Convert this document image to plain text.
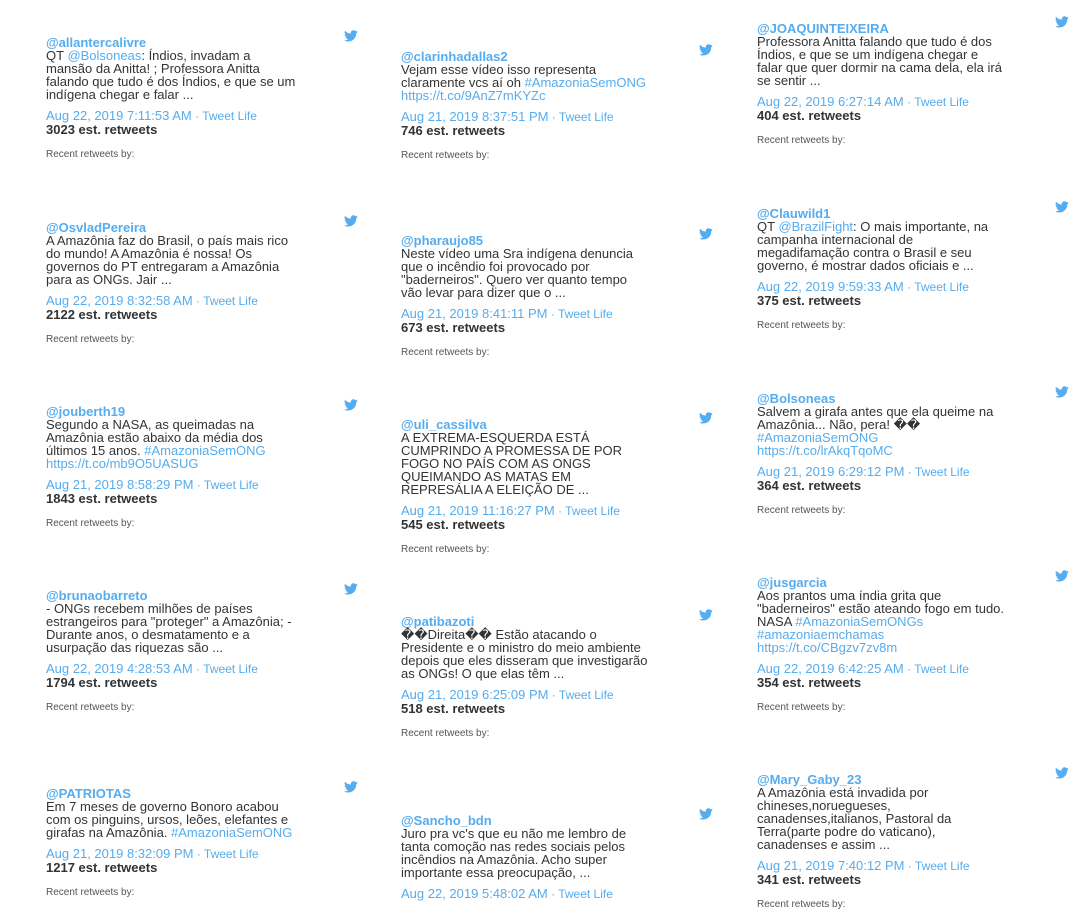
@allantercalivre
QT @Bolsoneas: Índios, invadam a mansão da Anitta! ; Professora Anitta falando que tudo é dos Índios, e que se um indígena chegar e falar ...
Aug 22, 2019 7:11:53 AM · Tweet Life
3023 est. retweets
Recent retweets by:
@OsvladPereira
A Amazônia faz do Brasil, o país mais rico do mundo! A Amazônia é nossa! Os governos do PT entregaram a Amazônia para as ONGs. Jair ...
Aug 22, 2019 8:32:58 AM · Tweet Life
2122 est. retweets
Recent retweets by:
@jouberth19
Segundo a NASA, as queimadas na Amazônia estão abaixo da média dos últimos 15 anos. #AmazoniaSemONG https://t.co/mb9O5UASUG
Aug 21, 2019 8:58:29 PM · Tweet Life
1843 est. retweets
Recent retweets by:
@brunaobarreto
- ONGs recebem milhões de países estrangeiros para "proteger" a Amazônia; - Durante anos, o desmatamento e a usurpação das riquezas são ...
Aug 22, 2019 4:28:53 AM · Tweet Life
1794 est. retweets
Recent retweets by:
@PATRIOTAS
Em 7 meses de governo Bonoro acabou com os pinguins, ursos, leões, elefantes e girafas na Amazônia. #AmazoniaSemONG
Aug 21, 2019 8:32:09 PM · Tweet Life
1217 est. retweets
Recent retweets by:
@clarinhadallas2
Vejam esse vídeo isso representa claramente vcs aí oh #AmazoniaSemONG https://t.co/9AnZ7mKYZc
Aug 21, 2019 8:37:51 PM · Tweet Life
746 est. retweets
Recent retweets by:
@pharaujo85
Neste vídeo uma Sra indígena denuncia que o incêndio foi provocado por "baderneiros". Quero ver quanto tempo vão levar para dizer que o ...
Aug 21, 2019 8:41:11 PM · Tweet Life
673 est. retweets
Recent retweets by:
@uli_cassilva
A EXTREMA-ESQUERDA ESTÁ CUMPRINDO A PROMESSA DE POR FOGO NO PAÍS COM AS ONGS QUEIMANDO AS MATAS EM REPRESÁLIA A ELEIÇÃO DE ...
Aug 21, 2019 11:16:27 PM · Tweet Life
545 est. retweets
Recent retweets by:
@patibazoti
��Direita�� Estão atacando o Presidente e o ministro do meio ambiente depois que eles disseram que investigarão as ONGs! O que elas têm ...
Aug 21, 2019 6:25:09 PM · Tweet Life
518 est. retweets
Recent retweets by:
@Sancho_bdn
Juro pra vc's que eu não me lembro de tanta comoção nas redes sociais pelos incêndios na Amazônia. Acho super importante essa preocupação, ...
Aug 22, 2019 5:48:02 AM · Tweet Life
@JOAQUINTEIXEIRA
Professora Anitta falando que tudo é dos Índios, e que se um indígena chegar e falar que quer dormir na cama dela, ela irá se sentir ...
Aug 22, 2019 6:27:14 AM · Tweet Life
404 est. retweets
Recent retweets by:
@Clauwild1
QT @BrazilFight: O mais importante, na campanha internacional de megadifamação contra o Brasil e seu governo, é mostrar dados oficiais e ...
Aug 22, 2019 9:59:33 AM · Tweet Life
375 est. retweets
Recent retweets by:
@Bolsoneas
Salvem a girafa antes que ela queime na Amazônia... Não, pera! �� #AmazoniaSemONG https://t.co/lrAkqTqoMC
Aug 21, 2019 6:29:12 PM · Tweet Life
364 est. retweets
Recent retweets by:
@jusgarcia
Aos prantos uma índia grita que "baderneiros" estão ateando fogo em tudo. NASA #AmazoniaSemONGs #amazoniaemchamas https://t.co/CBgzv7zv8m
Aug 22, 2019 6:42:25 AM · Tweet Life
354 est. retweets
Recent retweets by:
@Mary_Gaby_23
A Amazônia está invadida por chineses,noruegueses, canadenses,italianos, Pastoral da Terra(parte podre do vaticano), canadenses e assim ...
Aug 21, 2019 7:40:12 PM · Tweet Life
341 est. retweets
Recent retweets by:
